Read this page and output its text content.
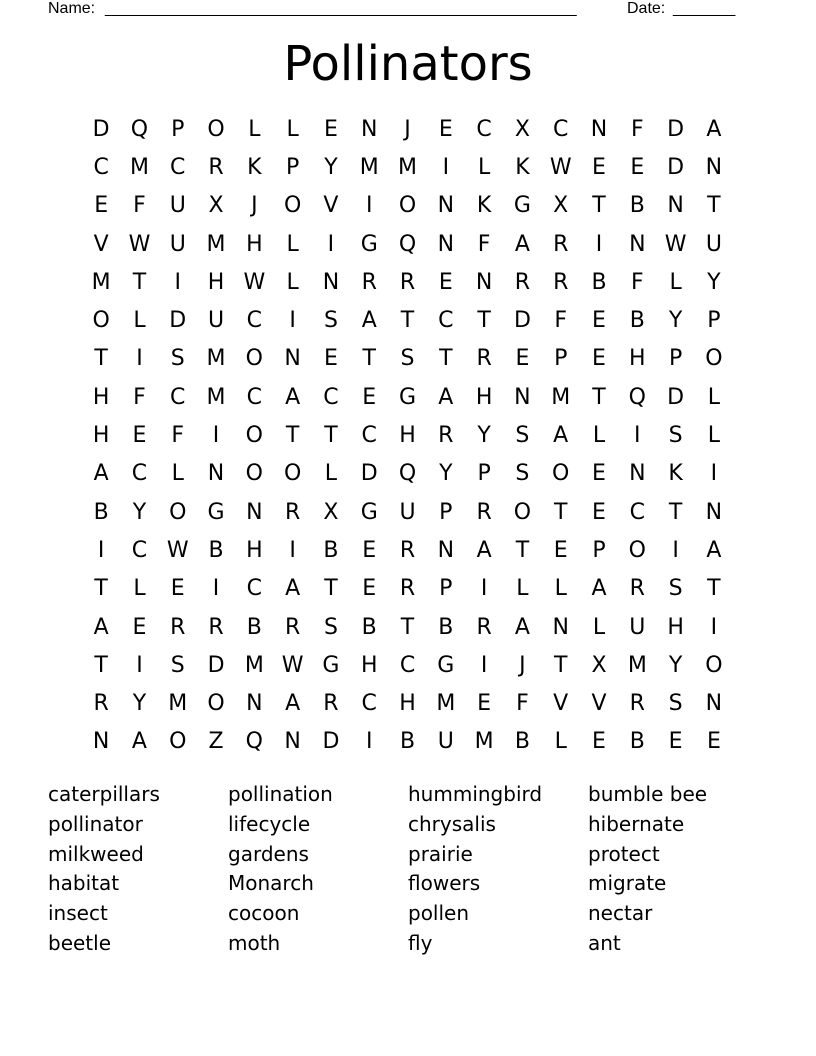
Name: _____________________________________________________	Date: _______
Pollinators
D Q	P	O	L	L	E	N	J	E	C	X	C	N	F	D	A
C M C	R	K	P	Y	M M	I	L	K W E	E	D N
E	F	U	X	J	O	V	I	O N	K	G	X	T	B	N	T
V W U M H	L	I	G Q N	F	A	R	I	N W U
M	T	I	H W L	N	R	R	E	N	R	R	B	F	L	Y
O	L	D U	C	I	S	A	T	C	T	D	F	E	B	Y	P
T	I	S M O N	E	T	S	T	R	E	P	E	H	P	O
H	F	C M C	A	C	E	G	A	H N M	T	Q D	L
H	E	F	I	O	T	T	C	H	R	Y	S	A	L	I	S	L
A	C	L	N O O	L	D Q	Y	P	S	O	E	N	K	I
B	Y	O G N	R	X	G U	P	R O	T	E	C	T	N
I	C W B	H	I	B	E	R	N	A	T	E	P	O	I	A
T	L	E	I	C	A	T	E	R	P	I	L	L	A	R	S	T
A	E	R	R	B	R	S	B	T	B	R	A	N	L	U H	I
T	I	S	D M W G H	C	G	I	J	T	X M	Y	O
R	Y	M O N	A	R	C	H M E	F	V	V	R	S	N
N	A	O	Z	Q N D	I	B	U M B	L	E	B	E	E
caterpillars	pollination	hummingbird	bumble bee
pollinator	lifecycle	chrysalis	hibernate
milkweed	gardens	prairie	protect
habitat	Monarch	flowers	migrate
insect	cocoon	pollen	nectar
beetle	moth	fly	ant
